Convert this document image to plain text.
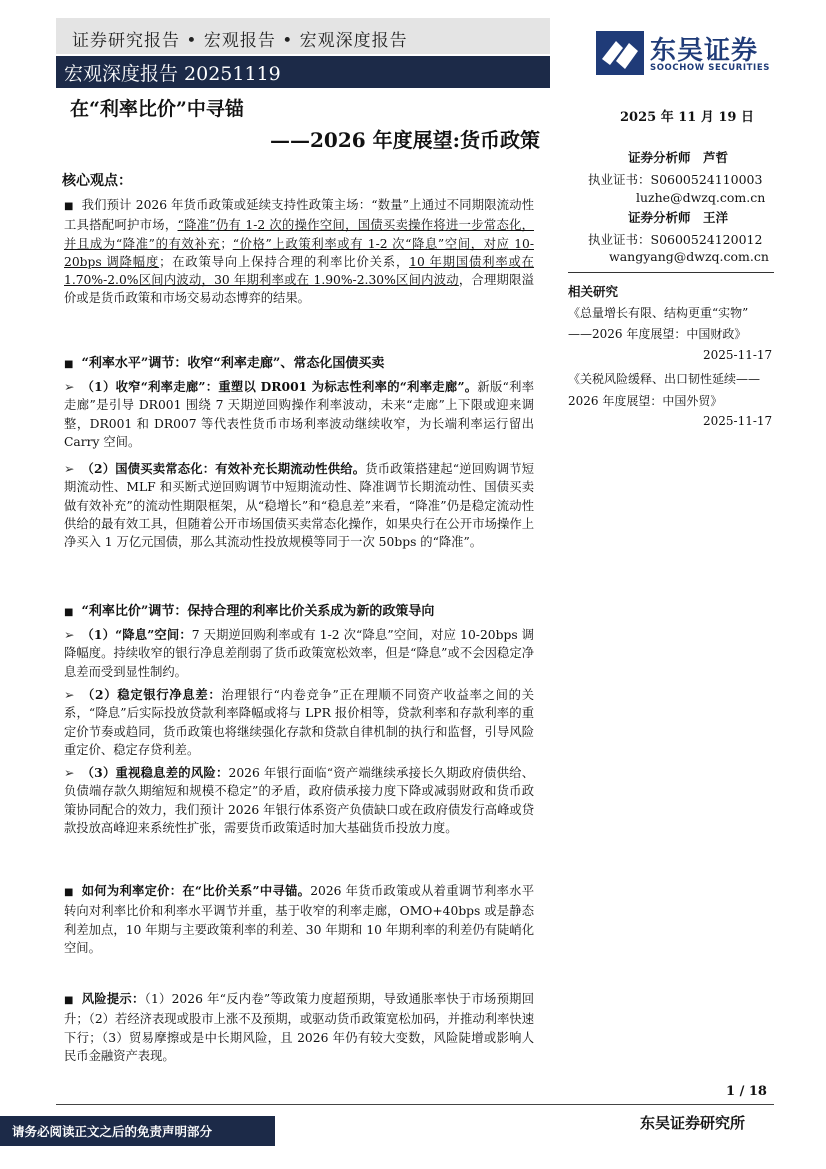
证券研究报告 • 宏观报告 • 宏观深度报告
宏观深度报告 20251119
东吴证券
SOOCHOW SECURITIES
在“利率比价”中寻锚
——2026 年度展望:货币政策
2025 年 11 月 19 日
证券分析师　芦哲
执业证书：S0600524110003
luzhe@dwzq.com.cn
证券分析师　王洋
执业证书：S0600524120012
wangyang@dwzq.com.cn
相关研究
《总量增长有限、结构更重“实物”
——2026 年度展望：中国财政》
2025-11-17
《关税风险缓释、出口韧性延续——
2026 年度展望：中国外贸》
2025-11-17
核心观点：
■ 我们预计 2026 年货币政策或延续支持性政策主场：“数量”上通过不同期限流动性工具搭配呵护市场，“降准”仍有 1-2 次的操作空间，国债买卖操作将进一步常态化，并且成为“降准”的有效补充；“价格”上政策利率或有 1-2 次“降息”空间，对应 10-20bps 调降幅度；在政策导向上保持合理的利率比价关系，10 年期国债利率或在 1.70%-2.0%区间内波动，30 年期利率或在 1.90%-2.30%区间内波动，合理期限溢价或是货币政策和市场交易动态博弈的结果。
■ “利率水平”调节：收窄“利率走廊”、常态化国债买卖
➢ （1）收窄“利率走廊”：重塑以 DR001 为标志性利率的“利率走廊”。新版“利率走廊”是引导 DR001 围绕 7 天期逆回购操作利率波动，未来“走廊”上下限或迎来调整，DR001 和 DR007 等代表性货币市场利率波动继续收窄，为长端利率运行留出 Carry 空间。
➢ （2）国债买卖常态化：有效补充长期流动性供给。货币政策搭建起“逆回购调节短期流动性、MLF 和买断式逆回购调节中短期流动性、降准调节长期流动性、国债买卖做有效补充”的流动性期限框架，从“稳增长”和“稳息差”来看，“降准”仍是稳定流动性供给的最有效工具，但随着公开市场国债买卖常态化操作，如果央行在公开市场操作上净买入 1 万亿元国债，那么其流动性投放规模等同于一次 50bps 的“降准”。
■ “利率比价”调节：保持合理的利率比价关系成为新的政策导向
➢ （1）“降息”空间：7 天期逆回购利率或有 1-2 次“降息”空间，对应 10-20bps 调降幅度。持续收窄的银行净息差削弱了货币政策宽松效率，但是“降息”或不会因稳定净息差而受到显性制约。
➢ （2）稳定银行净息差：治理银行“内卷竞争”正在理顺不同资产收益率之间的关系，“降息”后实际投放贷款利率降幅或将与 LPR 报价相等，贷款利率和存款利率的重定价节奏或趋同，货币政策也将继续强化存款和贷款自律机制的执行和监督，引导风险重定价、稳定存贷利差。
➢ （3）重视稳息差的风险：2026 年银行面临“资产端继续承接长久期政府债供给、负债端存款久期缩短和规模不稳定”的矛盾，政府债承接力度下降或减弱财政和货币政策协同配合的效力，我们预计 2026 年银行体系资产负债缺口或在政府债发行高峰或贷款投放高峰迎来系统性扩张，需要货币政策适时加大基础货币投放力度。
■ 如何为利率定价：在“比价关系”中寻锚。2026 年货币政策或从着重调节利率水平转向对利率比价和利率水平调节并重，基于收窄的利率走廊，OMO+40bps 或是静态利差加点，10 年期与主要政策利率的利差、30 年期和 10 年期利率的利差仍有陡峭化空间。
■ 风险提示：（1）2026 年“反内卷”等政策力度超预期，导致通胀率快于市场预期回升；（2）若经济表现或股市上涨不及预期，或驱动货币政策宽松加码，并推动利率快速下行；（3）贸易摩擦或是中长期风险，且 2026 年仍有较大变数，风险陡增或影响人民币金融资产表现。
1 / 18
请务必阅读正文之后的免责声明部分	东吴证券研究所
